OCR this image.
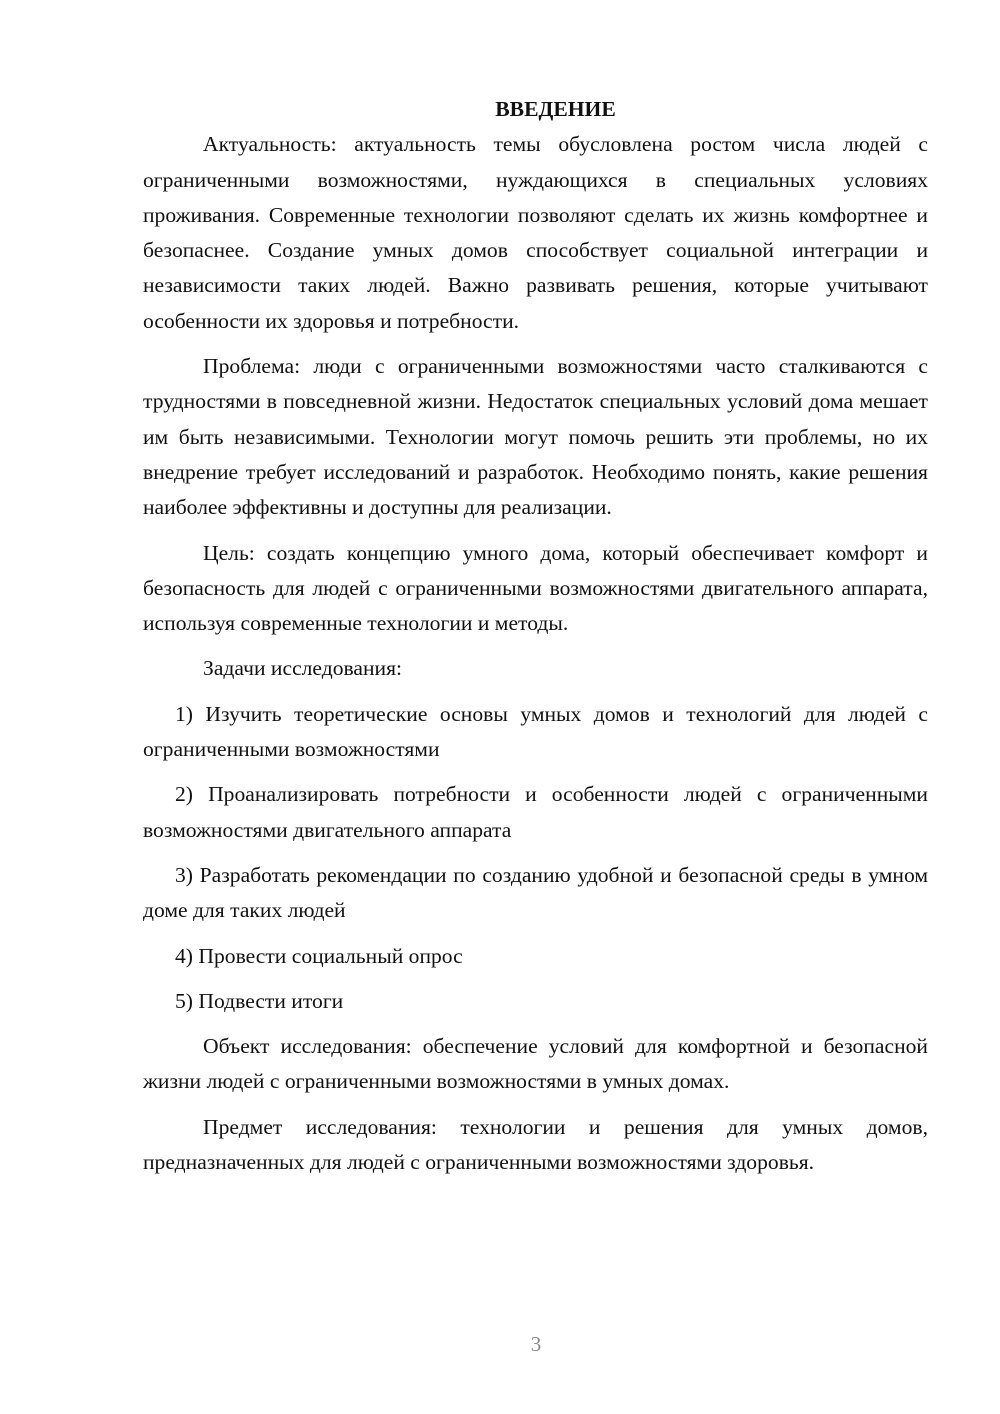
ВВЕДЕНИЕ

Актуальность: актуальность темы обусловлена ростом числа людей с ограниченными возможностями, нуждающихся в специальных условиях проживания. Современные технологии позволяют сделать их жизнь комфортнее и безопаснее. Создание умных домов способствует социальной интеграции и независимости таких людей. Важно развивать решения, которые учитывают особенности их здоровья и потребности.

Проблема: люди с ограниченными возможностями часто сталкиваются с трудностями в повседневной жизни. Недостаток специальных условий дома мешает им быть независимыми. Технологии могут помочь решить эти проблемы, но их внедрение требует исследований и разработок. Необходимо понять, какие решения наиболее эффективны и доступны для реализации.

Цель: создать концепцию умного дома, который обеспечивает комфорт и безопасность для людей с ограниченными возможностями двигательного аппарата, используя современные технологии и методы.

Задачи исследования:

1) Изучить теоретические основы умных домов и технологий для людей с ограниченными возможностями

2) Проанализировать потребности и особенности людей с ограниченными возможностями двигательного аппарата

3) Разработать рекомендации по созданию удобной и безопасной среды в умном доме для таких людей

4) Провести социальный опрос

5) Подвести итоги

Объект исследования: обеспечение условий для комфортной и безопасной жизни людей с ограниченными возможностями в умных домах.

Предмет исследования: технологии и решения для умных домов, предназначенных для людей с ограниченными возможностями здоровья.

3
